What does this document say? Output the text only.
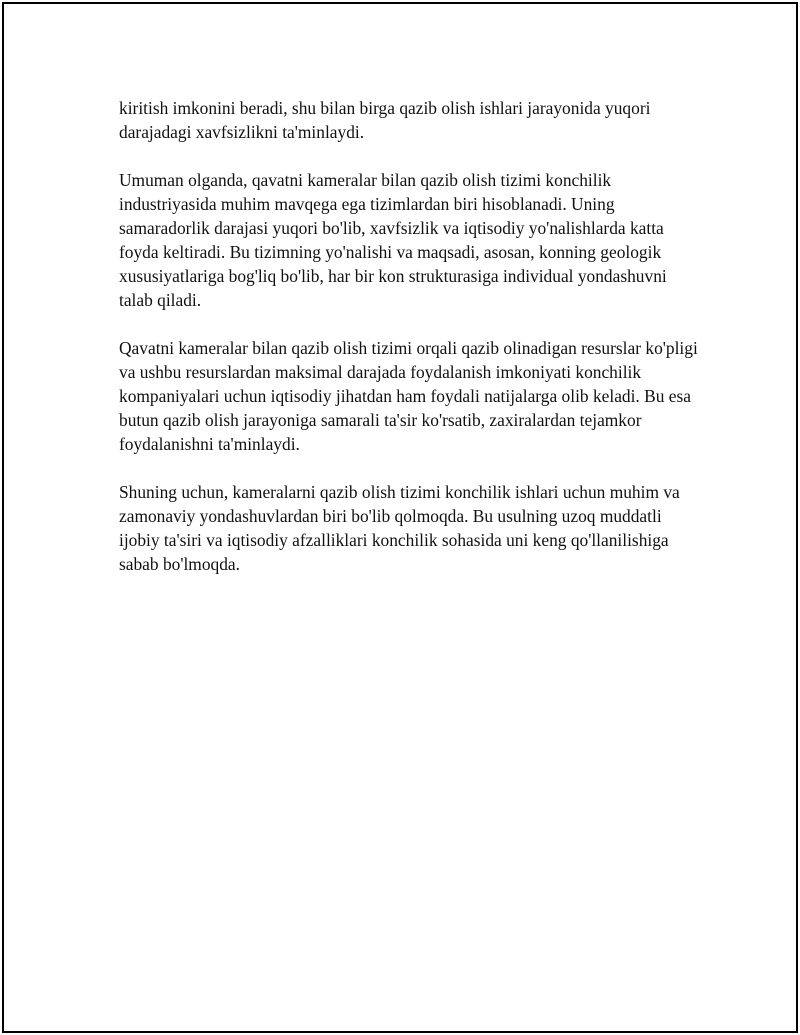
kiritish imkonini beradi, shu bilan birga qazib olish ishlari jarayonida yuqori darajadagi xavfsizlikni ta'minlaydi.

Umuman olganda, qavatni kameralar bilan qazib olish tizimi konchilik industriyasida muhim mavqega ega tizimlardan biri hisoblanadi. Uning samaradorlik darajasi yuqori bo'lib, xavfsizlik va iqtisodiy yo'nalishlarda katta foyda keltiradi. Bu tizimning yo'nalishi va maqsadi, asosan, konning geologik xususiyatlariga bog'liq bo'lib, har bir kon strukturasiga individual yondashuvni talab qiladi.

Qavatni kameralar bilan qazib olish tizimi orqali qazib olinadigan resurslar ko'pligi va ushbu resurslardan maksimal darajada foydalanish imkoniyati konchilik kompaniyalari uchun iqtisodiy jihatdan ham foydali natijalarga olib keladi. Bu esa butun qazib olish jarayoniga samarali ta'sir ko'rsatib, zaxiralardan tejamkor foydalanishni ta'minlaydi.

Shuning uchun, kameralarni qazib olish tizimi konchilik ishlari uchun muhim va zamonaviy yondashuvlardan biri bo'lib qolmoqda. Bu usulning uzoq muddatli ijobiy ta'siri va iqtisodiy afzalliklari konchilik sohasida uni keng qo'llanilishiga sabab bo'lmoqda.
